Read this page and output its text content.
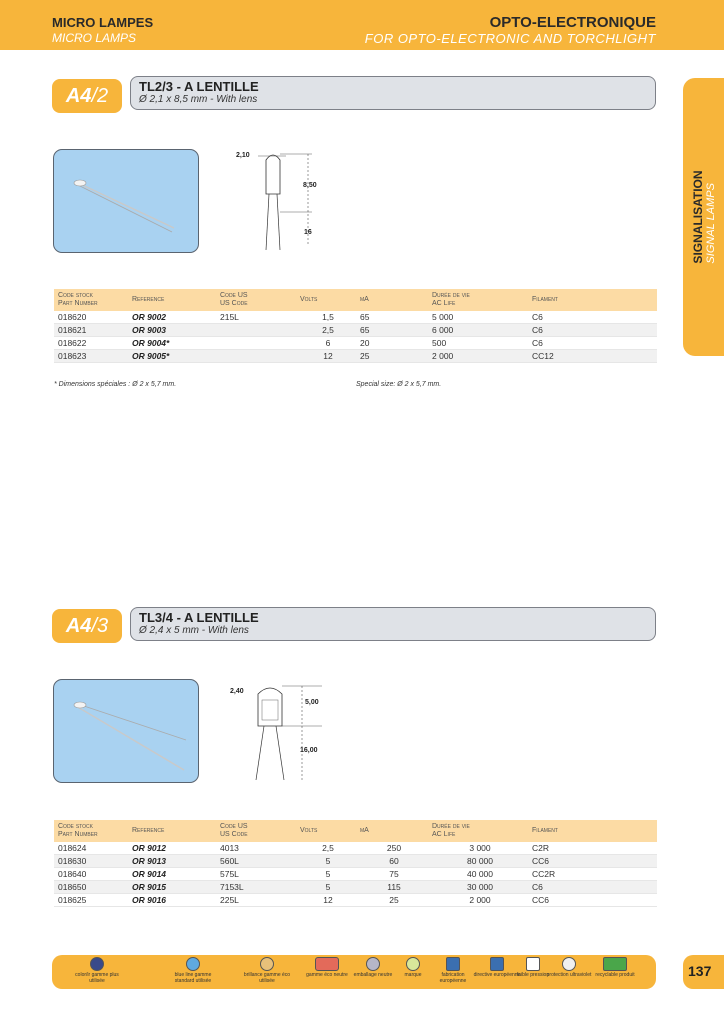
MICRO LAMPES
MICRO LAMPS
OPTO-ELECTRONIQUE
FOR OPTO-ELECTRONIC AND TORCHLIGHT
SIGNALISATION SIGNAL LAMPS
A4/2	TL2/3 - A LENTILLE
Ø 2,1 x 8,5 mm - With lens
2,10
8,50
16
Code stock
Part Number	Reference	Code US
US Code	Volts	mA	Durée de vie
AC Life	Filament
018620	OR 9002	215L	1,5	65	5 000	C6
018621	OR 9003		2,5	65	6 000	C6
018622	OR 9004*		6	20	500	C6
018623	OR 9005*		12	25	2 000	CC12
* Dimensions spéciales : Ø 2 x 5,7 mm.	Special size: Ø 2 x 5,7 mm.
A4/3	TL3/4 - A LENTILLE
Ø 2,4 x 5 mm - With lens
2,40
5,00
16,00
Code stock
Part Number	Reference	Code US
US Code	Volts	mA	Durée de vie
AC Life	Filament
018624	OR 9012	4013	2,5	250	3 000	C2R
018630	OR 9013	560L	5	60	80 000	CC6
018640	OR 9014	575L	5	75	40 000	CC2R
018650	OR 9015	7153L	5	115	30 000	C6
018625	OR 9016	225L	12	25	2 000	CC6
color/ir gamme plus utilisée
blue line gamme standard utilisée
brillance gamme éco utilisée
gamme éco neutre	emballage neutre	marque	fabrication européenne
directive européenne
faible pression
protection ultraviolet recyclable produit	137
